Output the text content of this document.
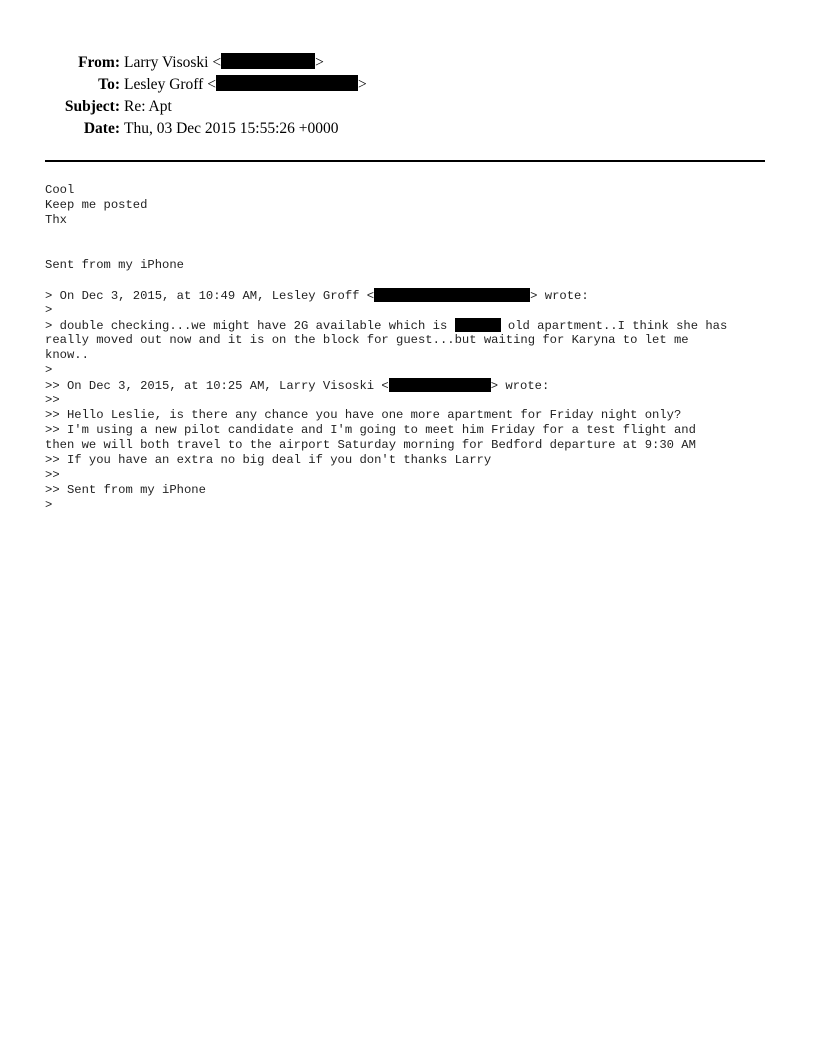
From: Larry Visoski <	>
To: Lesley Groff <	>
Subject: Re: Apt
Date: Thu, 03 Dec 2015 15:55:26 +0000
Cool
Keep me posted
Thx
Sent from my iPhone
> On Dec 3, 2015, at 10:49 AM, Lesley Groff <	> wrote:
>
> double checking...we might have 2G available which is	old apartment..I think she has
really moved out now and it is on the block for guest...but waiting for Karyna to let me
know..
>
>> On Dec 3, 2015, at 10:25 AM, Larry Visoski <	> wrote:
>>
>> Hello Leslie, is there any chance you have one more apartment for Friday night only?
>> I'm using a new pilot candidate and I'm going to meet him Friday for a test flight and
then we will both travel to the airport Saturday morning for Bedford departure at 9:30 AM
>> If you have an extra no big deal if you don't thanks Larry
>>
>> Sent from my iPhone
>
